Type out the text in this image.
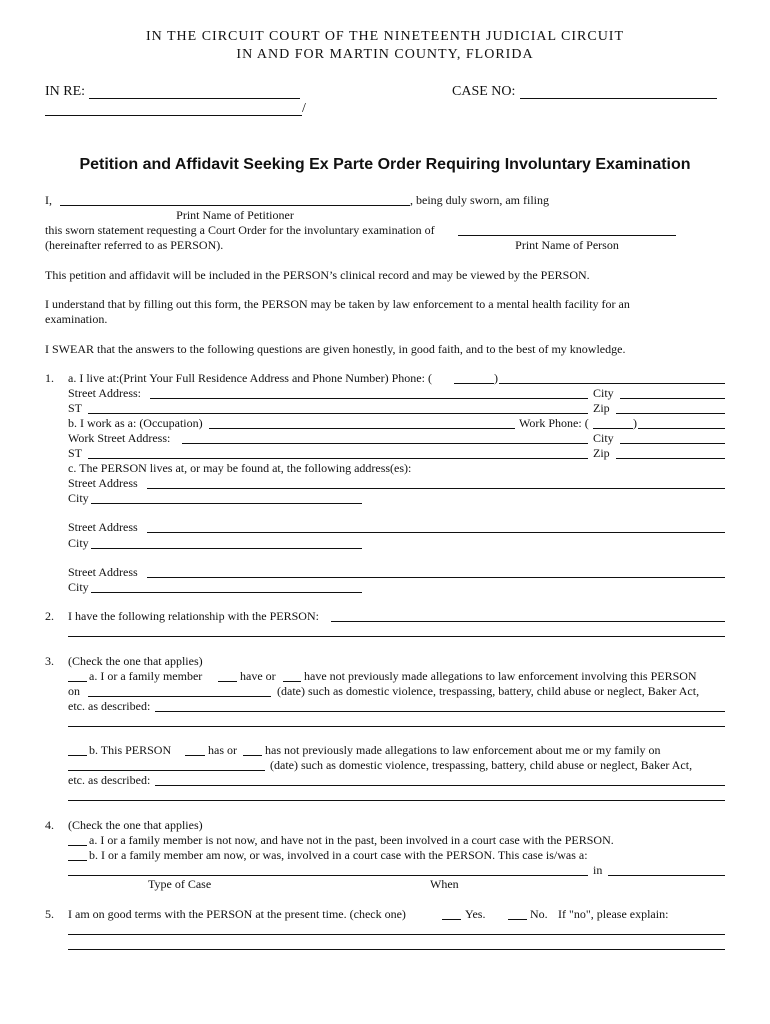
IN THE CIRCUIT COURT OF THE NINETEENTH JUDICIAL CIRCUIT
IN AND FOR MARTIN COUNTY, FLORIDA
IN RE:
/
CASE NO:
Petition and Affidavit Seeking Ex Parte Order Requiring Involuntary Examination
I,	, being duly sworn, am filing
Print Name of Petitioner
this sworn statement requesting a Court Order for the involuntary examination of
(hereinafter referred to as PERSON).	Print Name of Person
This petition and affidavit will be included in the PERSON’s clinical record and may be viewed by the PERSON.
I understand that by filling out this form, the PERSON may be taken by law enforcement to a mental health facility for an
examination.
I SWEAR that the answers to the following questions are given honestly, in good faith, and to the best of my knowledge.
1. a. I live at:(Print Your Full Residence Address and Phone Number) Phone: (	)
Street Address:	City
ST	Zip
b. I work as a: (Occupation)	Work Phone: (	)
Work Street Address:	City
ST	Zip
c. The PERSON lives at, or may be found at, the following address(es):
Street Address
City
Street Address
City
Street Address
City
2. I have the following relationship with the PERSON:
3. (Check the one that applies)
a. I or a family member	have or have not previously made allegations to law enforcement involving this PERSON
on	(date) such as domestic violence, trespassing, battery, child abuse or neglect, Baker Act,
etc. as described:
b. This PERSON	has or has not previously made allegations to law enforcement about me or my family on
(date) such as domestic violence, trespassing, battery, child abuse or neglect, Baker Act,
etc. as described:
4. (Check the one that applies)
a. I or a family member is not now, and have not in the past, been involved in a court case with the PERSON.
b. I or a family member am now, or was, involved in a court case with the PERSON. This case is/was a:
in
Type of Case	When
5. I am on good terms with the PERSON at the present time. (check one)	Yes.	No. If "no", please explain:
